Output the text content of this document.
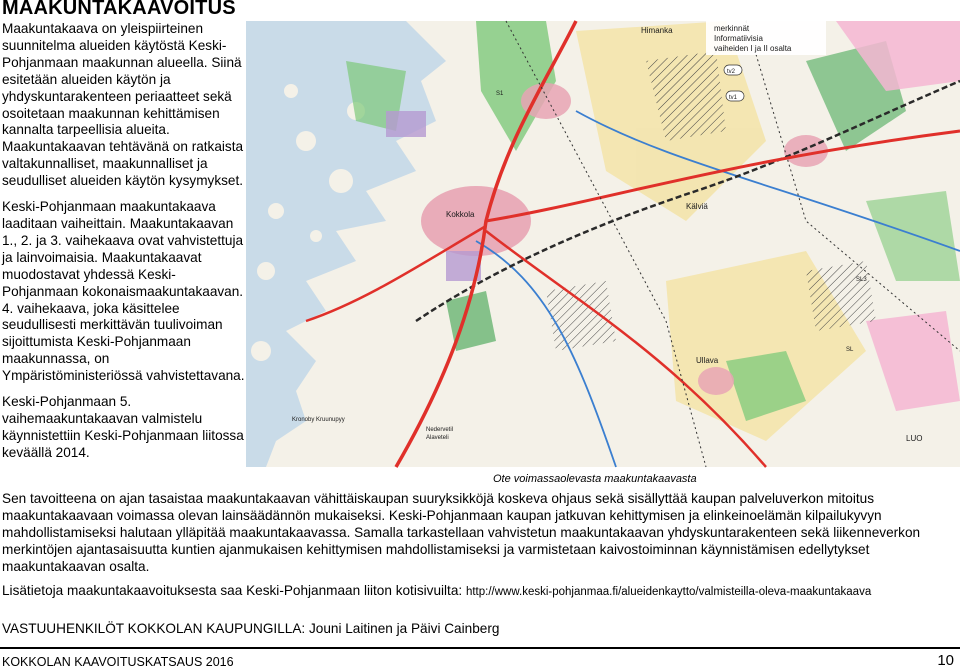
MAAKUNTAKAAVOITUS

Maakuntakaava on yleispiirteinen suunnitelma alueiden käytöstä Keski-Pohjanmaan maakunnan alueella. Siinä esitetään alueiden käytön ja yhdyskuntarakenteen periaatteet sekä osoitetaan maakunnan kehittämisen kannalta tarpeellisia alueita. Maakuntakaavan tehtävänä on ratkaista valtakunnalliset, maakunnalliset ja seudulliset alueiden käytön kysymykset.

Keski-Pohjanmaan maakuntakaava laaditaan vaiheittain. Maakuntakaavan 1., 2. ja 3. vaihekaava ovat vahvistettuja ja lainvoimaisia. Maakuntakaavat muodostavat yhdessä Keski-Pohjanmaan kokonaismaakuntakaavan. 4. vaihekaava, joka käsittelee seudullisesti merkittävän tuulivoiman sijoittumista Keski-Pohjanmaan maakunnassa, on Ympäristöministeriössä vahvistettavana.

Keski-Pohjanmaan 5. vaihemaakuntakaavan valmistelu käynnistettiin Keski-Pohjanmaan liitossa keväällä 2014.

merkinnät
Informatiivisia
vaiheiden I ja II osalta
Himanka
Kokkola
Kälviä
Ullava
S1
LUO
SL
SL3
Nedervetil
Alaveteli
Kronoby Kruunupyy
tv1
tv2
Ote voimassaolevasta maakuntakaavasta

Sen tavoitteena on ajan tasaistaa maakuntakaavan vähittäiskaupan suuryksikköjä koskeva ohjaus sekä sisällyttää kaupan palveluverkon mitoitus maakuntakaavaan voimassa olevan lainsäädännön mukaiseksi. Keski-Pohjanmaan kaupan jatkuvan kehittymisen ja elinkeinoelämän kilpailukyvyn mahdollistamiseksi halutaan ylläpitää maakuntakaavassa. Samalla tarkastellaan vahvistetun maakuntakaavan yhdyskuntarakenteen sekä liikenneverkon merkintöjen ajantasaisuutta kuntien ajanmukaisen kehittymisen mahdollistamiseksi ja varmistetaan kaivostoiminnan käynnistämisen edellytykset maakuntakaavan osalta.

Lisätietoja maakuntakaavoituksesta saa Keski-Pohjanmaan liiton kotisivuilta: http://www.keski-pohjanmaa.fi/alueidenkaytto/valmisteilla-oleva-maakuntakaava

VASTUUHENKILÖT KOKKOLAN KAUPUNGILLA: Jouni Laitinen ja Päivi Cainberg

KOKKOLAN KAAVOITUSKATSAUS 2016	10
